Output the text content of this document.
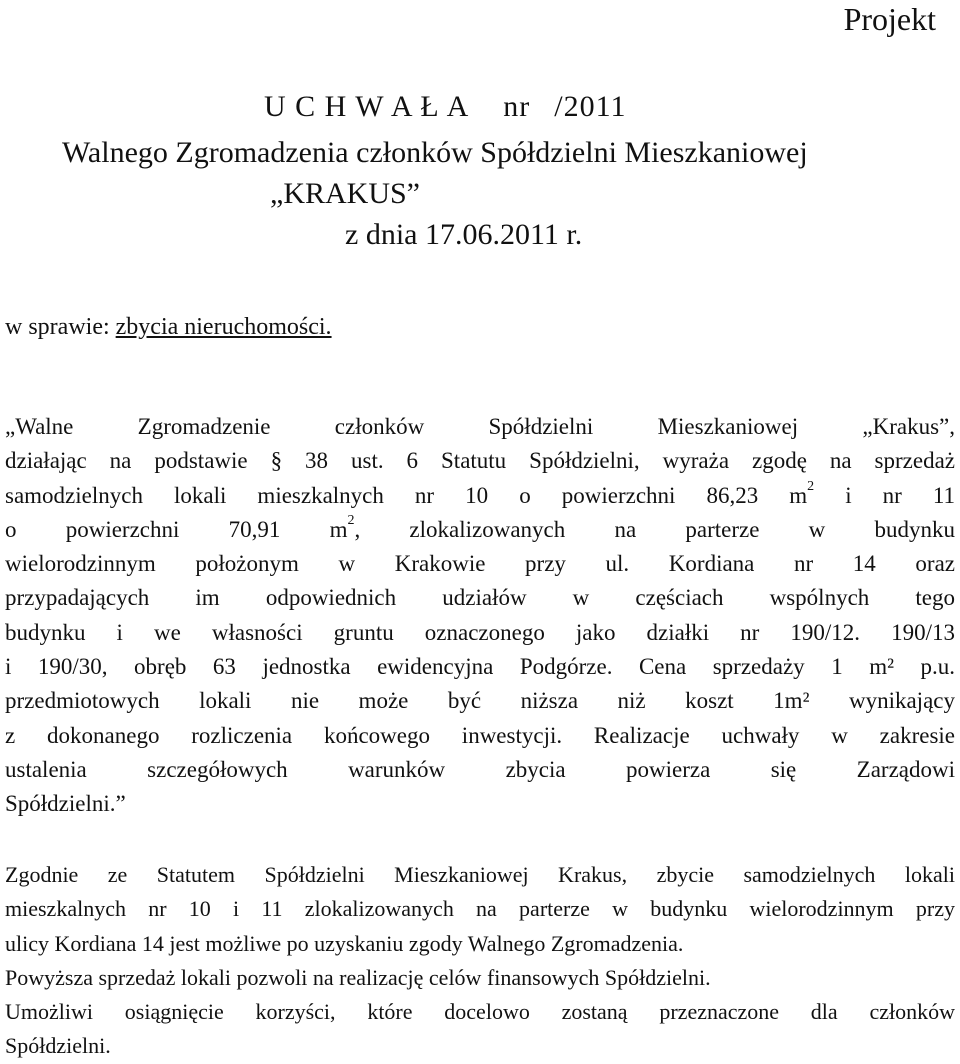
Projekt
U C H W A Ł A nr /2011
Walnego Zgromadzenia członków Spółdzielni Mieszkaniowej
„KRAKUS”
z dnia 17.06.2011 r.
w sprawie: zbycia nieruchomości.
„Walne Zgromadzenie członków Spółdzielni Mieszkaniowej „Krakus”,
działając na podstawie § 38 ust. 6 Statutu Spółdzielni, wyraża zgodę na sprzedaż
samodzielnych lokali mieszkalnych nr 10 o powierzchni 86,23 $m^2$ i nr 11
o powierzchni 70,91 $m^2$, zlokalizowanych na parterze w budynku
wielorodzinnym położonym w Krakowie przy ul. Kordiana nr 14 oraz
przypadających im odpowiednich udziałów w częściach wspólnych tego
budynku i we własności gruntu oznaczonego jako działki nr 190/12. 190/13
i 190/30, obręb 63 jednostka ewidencyjna Podgórze. Cena sprzedaży 1 m² p.u.
przedmiotowych lokali nie może być niższa niż koszt 1m² wynikający
z dokonanego rozliczenia końcowego inwestycji. Realizacje uchwały w zakresie
ustalenia szczegółowych warunków zbycia powierza się Zarządowi
Spółdzielni.”
Zgodnie ze Statutem Spółdzielni Mieszkaniowej Krakus, zbycie samodzielnych lokali
mieszkalnych nr 10 i 11 zlokalizowanych na parterze w budynku wielorodzinnym przy
ulicy Kordiana 14 jest możliwe po uzyskaniu zgody Walnego Zgromadzenia.
Powyższa sprzedaż lokali pozwoli na realizację celów finansowych Spółdzielni.
Umożliwi osiągnięcie korzyści, które docelowo zostaną przeznaczone dla członków
Spółdzielni.
